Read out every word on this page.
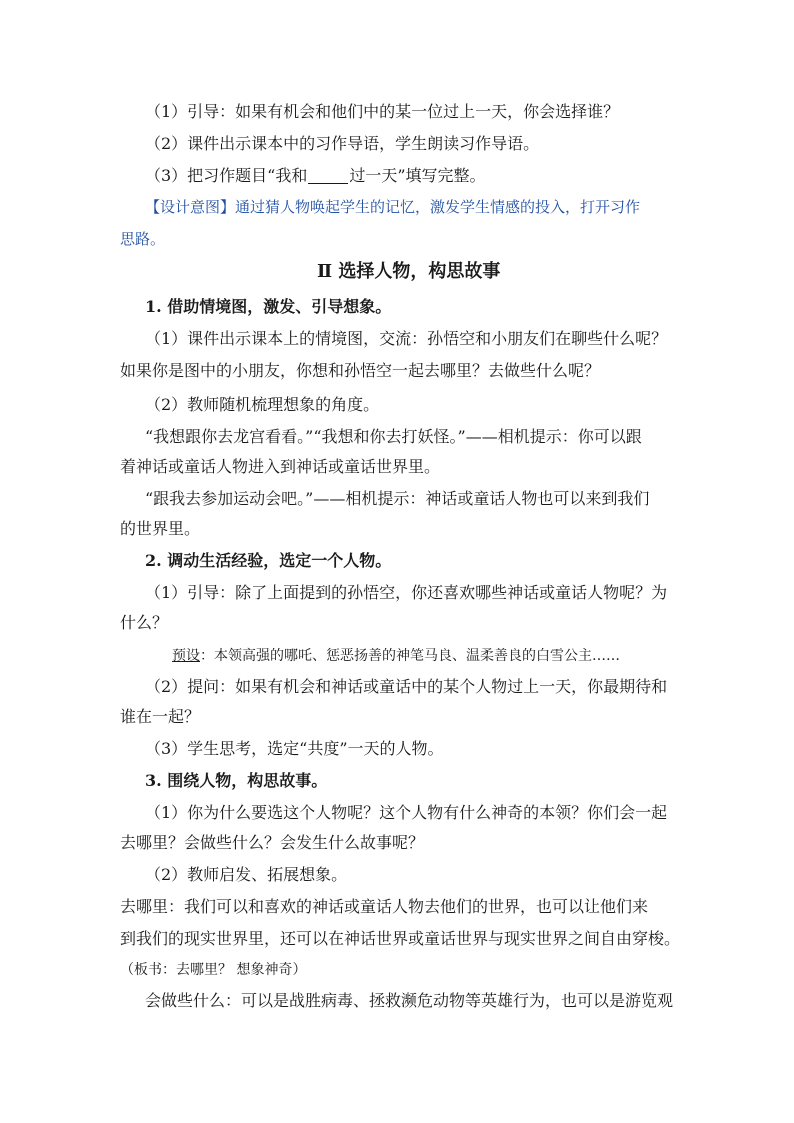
（1）引导：如果有机会和他们中的某一位过上一天，你会选择谁？
（2）课件出示课本中的习作导语，学生朗读习作导语。
（3）把习作题目“我和	过一天”填写完整。
【设计意图】通过猜人物唤起学生的记忆，激发学生情感的投入，打开习作
思路。
Ⅱ 选择人物，构思故事
1. 借助情境图，激发、引导想象。
（1）课件出示课本上的情境图，交流：孙悟空和小朋友们在聊些什么呢？
如果你是图中的小朋友，你想和孙悟空一起去哪里？去做些什么呢？
（2）教师随机梳理想象的角度。
“我想跟你去龙宫看看。”“我想和你去打妖怪。”——相机提示：你可以跟
着神话或童话人物进入到神话或童话世界里。
“跟我去参加运动会吧。”——相机提示：神话或童话人物也可以来到我们
的世界里。
2. 调动生活经验，选定一个人物。
（1）引导：除了上面提到的孙悟空，你还喜欢哪些神话或童话人物呢？为
什么？
预设：本领高强的哪吒、惩恶扬善的神笔马良、温柔善良的白雪公主……
（2）提问：如果有机会和神话或童话中的某个人物过上一天，你最期待和
谁在一起？
（3）学生思考，选定“共度”一天的人物。
3. 围绕人物，构思故事。
（1）你为什么要选这个人物呢？这个人物有什么神奇的本领？你们会一起
去哪里？会做些什么？会发生什么故事呢？
（2）教师启发、拓展想象。
去哪里：我们可以和喜欢的神话或童话人物去他们的世界，也可以让他们来
到我们的现实世界里，还可以在神话世界或童话世界与现实世界之间自由穿梭。
（板书：去哪里？ 想象神奇）
会做些什么：可以是战胜病毒、拯救濒危动物等英雄行为，也可以是游览观
